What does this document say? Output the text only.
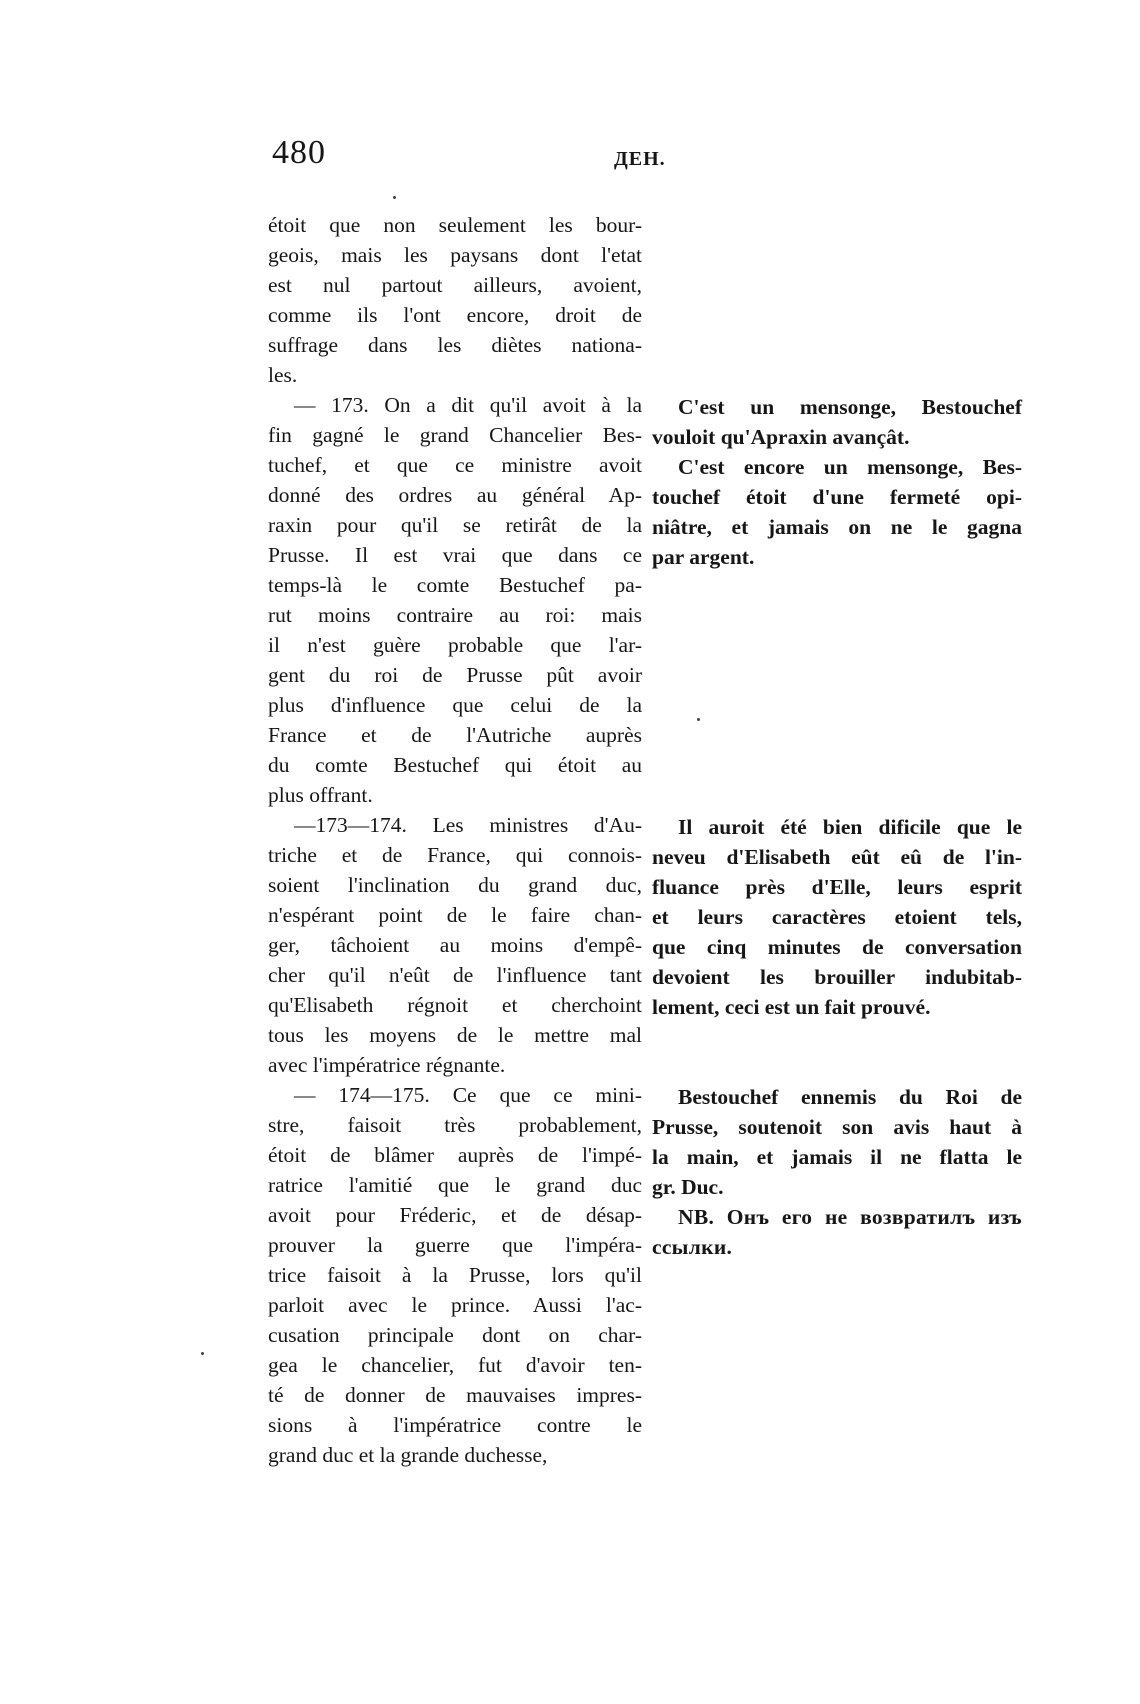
480	ДЕН.
étoit que non seulement les bour-
geois, mais les paysans dont l'etat
est nul partout ailleurs, avoient,
comme ils l'ont encore, droit de
suffrage dans les diètes nationa-
les.
— 173. On a dit qu'il avoit à la
fin gagné le grand Chancelier Bes-
tuchef, et que ce ministre avoit
donné des ordres au général Ap-
raxin pour qu'il se retirât de la
Prusse. Il est vrai que dans ce
temps-là le comte Bestuchef pa-
rut moins contraire au roi: mais
il n'est guère probable que l'ar-
gent du roi de Prusse pût avoir
plus d'influence que celui de la
France et de l'Autriche auprès
du comte Bestuchef qui étoit au
plus offrant.
—173—174. Les ministres d'Au-
triche et de France, qui connois-
soient l'inclination du grand duc,
n'espérant point de le faire chan-
ger, tâchoient au moins d'empê-
cher qu'il n'eût de l'influence tant
qu'Elisabeth régnoit et cherchoint
tous les moyens de le mettre mal
avec l'impératrice régnante.
— 174—175. Ce que ce mini-
stre, faisoit très probablement,
étoit de blâmer auprès de l'impé-
ratrice l'amitié que le grand duc
avoit pour Fréderic, et de désap-
prouver la guerre que l'impéra-
trice faisoit à la Prusse, lors qu'il
parloit avec le prince. Aussi l'ac-
cusation principale dont on char-
gea le chancelier, fut d'avoir ten-
té de donner de mauvaises impres-
sions à l'impératrice contre le
grand duc et la grande duchesse,
C'est un mensonge, Bestouchef
vouloit qu'Apraxin avançât.
C'est encore un mensonge, Bes-
touchef étoit d'une fermeté opi-
niâtre, et jamais on ne le gagna
par argent.
Il auroit été bien dificile que le
neveu d'Elisabeth eût eû de l'in-
fluance près d'Elle, leurs esprit
et leurs caractères etoient tels,
que cinq minutes de conversation
devoient les brouiller indubitab-
lement, ceci est un fait prouvé.
Bestouchef ennemis du Roi de
Prusse, soutenoit son avis haut à
la main, et jamais il ne flatta le
gr. Duc.
NB. Онъ его не возвратилъ изъ
ссылки.
